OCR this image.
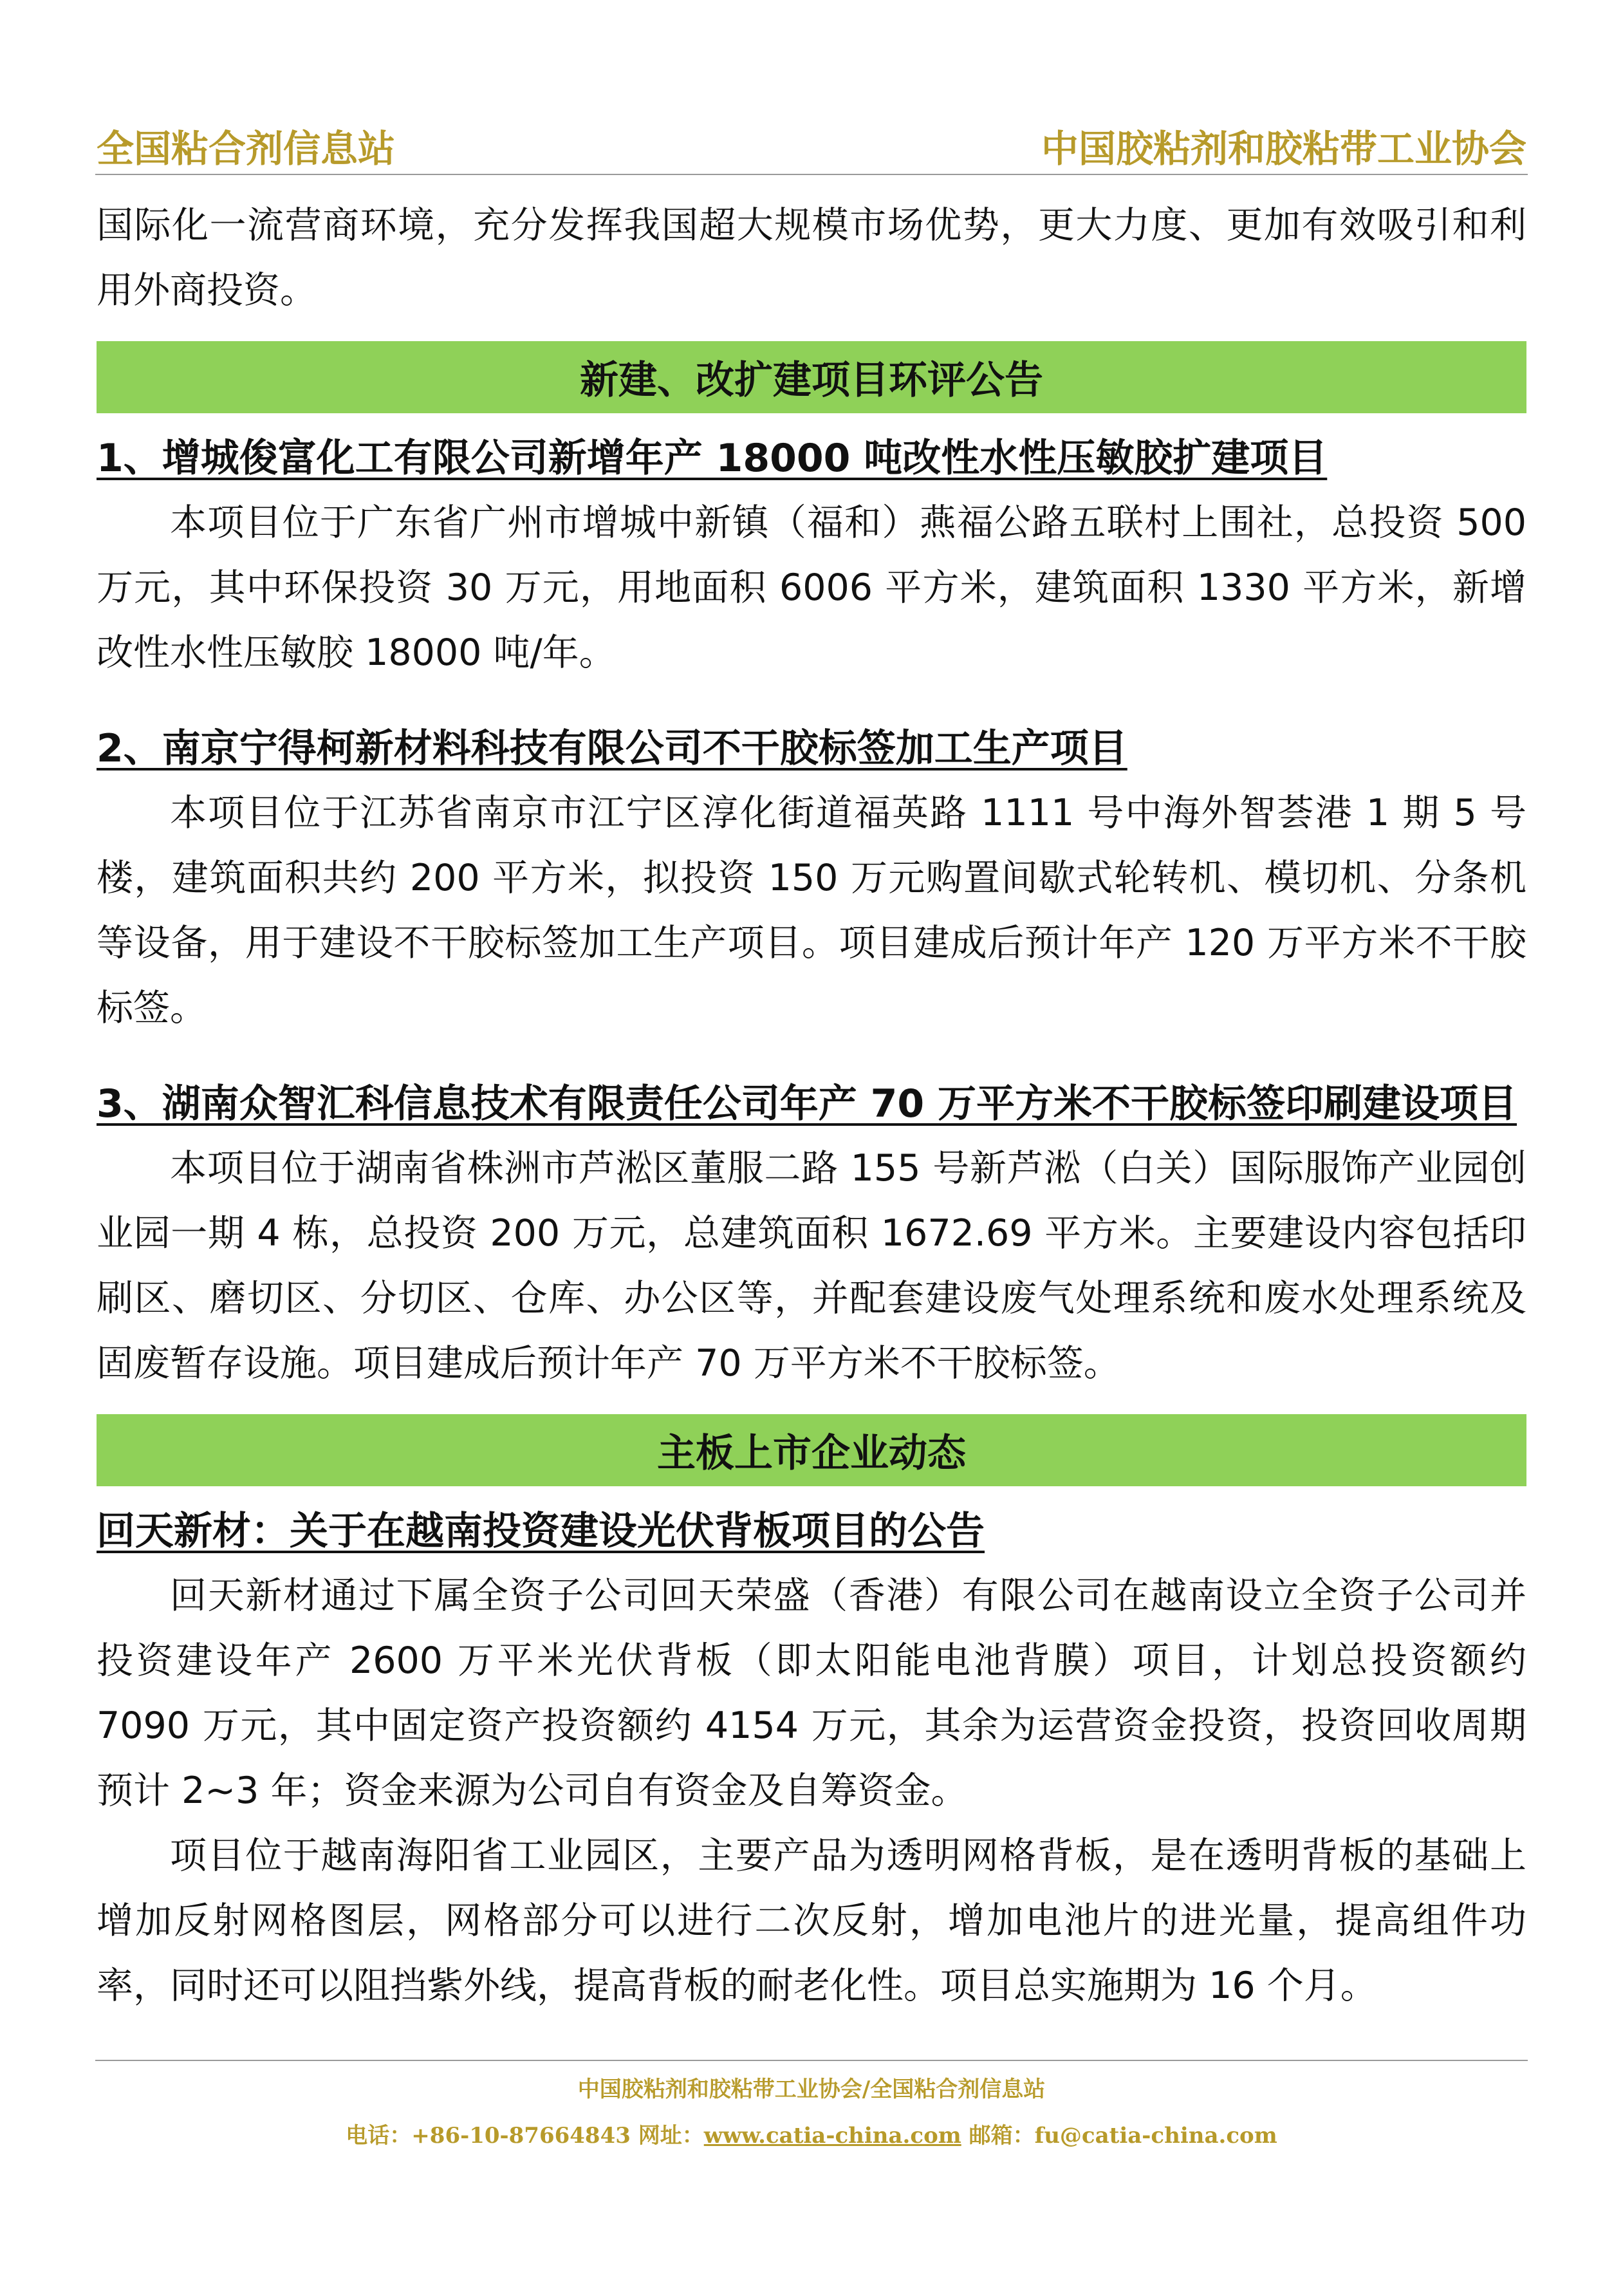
全国粘合剂信息站	中国胶粘剂和胶粘带工业协会

国际化一流营商环境，充分发挥我国超大规模市场优势，更大力度、更加有效吸引和利用外商投资。

新建、改扩建项目环评公告
1、增城俊富化工有限公司新增年产 18000 吨改性水性压敏胶扩建项目

本项目位于广东省广州市增城中新镇（福和）燕福公路五联村上围社，总投资 500 万元，其中环保投资 30 万元，用地面积 6006 平方米，建筑面积 1330 平方米，新增改性水性压敏胶 18000 吨/年。

2、南京宁得柯新材料科技有限公司不干胶标签加工生产项目

本项目位于江苏省南京市江宁区淳化街道福英路 1111 号中海外智荟港 1 期 5 号楼，建筑面积共约 200 平方米，拟投资 150 万元购置间歇式轮转机、模切机、分条机等设备，用于建设不干胶标签加工生产项目。项目建成后预计年产 120 万平方米不干胶标签。

3、湖南众智汇科信息技术有限责任公司年产 70 万平方米不干胶标签印刷建设项目

本项目位于湖南省株洲市芦淞区董服二路 155 号新芦淞（白关）国际服饰产业园创业园一期 4 栋，总投资 200 万元，总建筑面积 1672.69 平方米。主要建设内容包括印刷区、磨切区、分切区、仓库、办公区等，并配套建设废气处理系统和废水处理系统及固废暂存设施。项目建成后预计年产 70 万平方米不干胶标签。

主板上市企业动态
回天新材：关于在越南投资建设光伏背板项目的公告

回天新材通过下属全资子公司回天荣盛（香港）有限公司在越南设立全资子公司并投资建设年产 2600 万平米光伏背板（即太阳能电池背膜）项目，计划总投资额约 7090 万元，其中固定资产投资额约 4154 万元，其余为运营资金投资，投资回收周期预计 2~3 年；资金来源为公司自有资金及自筹资金。

项目位于越南海阳省工业园区，主要产品为透明网格背板，是在透明背板的基础上增加反射网格图层，网格部分可以进行二次反射，增加电池片的进光量，提高组件功率，同时还可以阻挡紫外线，提高背板的耐老化性。项目总实施期为 16 个月。

中国胶粘剂和胶粘带工业协会/全国粘合剂信息站
电话：+86-10-87664843 网址：www.catia-china.com 邮箱：fu@catia-china.com
